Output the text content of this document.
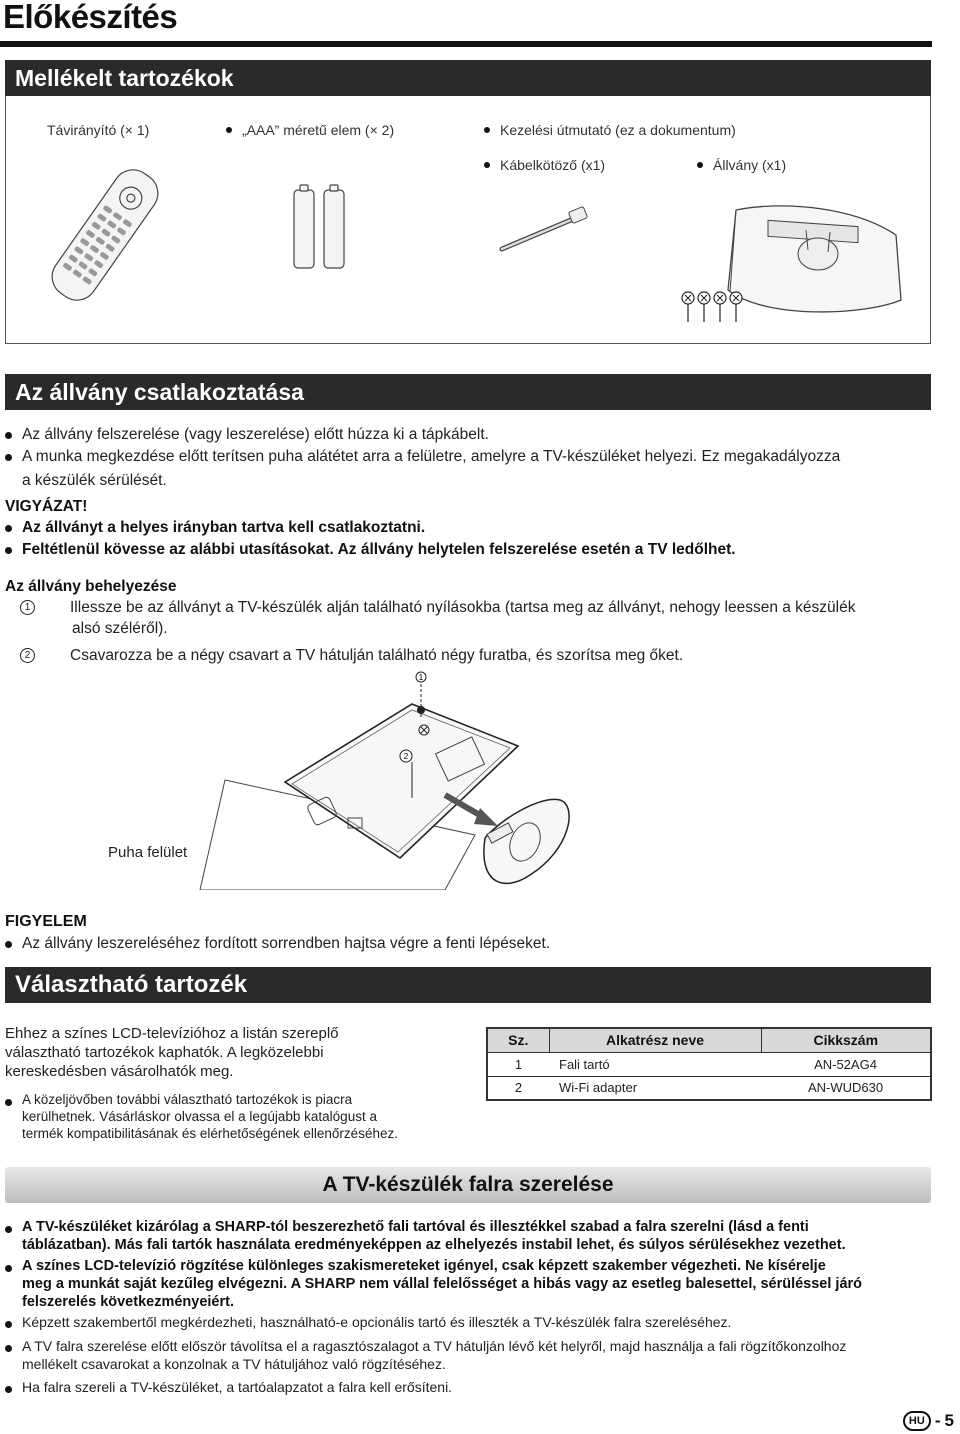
Előkészítés
Mellékelt tartozékok
Távirányító (× 1)	„AAA” méretű elem (× 2)	Kezelési útmutató (ez a dokumentum)
Kábelkötöző (x1)	Állvány (x1)
Az állvány csatlakoztatása
Az állvány felszerelése (vagy leszerelése) előtt húzza ki a tápkábelt.
A munka megkezdése előtt terítsen puha alátétet arra a felületre, amelyre a TV-készüléket helyezi. Ez megakadályozza
a készülék sérülését.
VIGYÁZAT!
Az állványt a helyes irányban tartva kell csatlakoztatni.
Feltétlenül kövesse az alábbi utasításokat. Az állvány helytelen felszerelése esetén a TV ledőlhet.
Az állvány behelyezése
1	Illessze be az állványt a TV-készülék alján található nyílásokba (tartsa meg az állványt, nehogy leessen a készülék
alsó széléről).
2	Csavarozza be a négy csavart a TV hátulján található négy furatba, és szorítsa meg őket.
1
2
Puha felület
FIGYELEM
Az állvány leszereléséhez fordított sorrendben hajtsa végre a fenti lépéseket.
Választható tartozék
Ehhez a színes LCD-televízióhoz a listán szereplő
választható tartozékok kaphatók. A legközelebbi
kereskedésben vásárolhatók meg.
A közeljövőben további választható tartozékok is piacra
kerülhetnek. Vásárláskor olvassa el a legújabb katalógust a
termék kompatibilitásának és elérhetőségének ellenőrzéséhez.
Sz.	Alkatrész neve	Cikkszám
1	Fali tartó	AN-52AG4
2	Wi-Fi adapter	AN-WUD630
A TV-készülék falra szerelése
A TV-készüléket kizárólag a SHARP-tól beszerezhető fali tartóval és illesztékkel szabad a falra szerelni (lásd a fenti
táblázatban). Más fali tartók használata eredményeképpen az elhelyezés instabil lehet, és súlyos sérülésekhez vezethet.
A színes LCD-televízió rögzítése különleges szakismereteket igényel, csak képzett szakember végezheti. Ne kísérelje
meg a munkát saját kezűleg elvégezni. A SHARP nem vállal felelősséget a hibás vagy az esetleg balesettel, sérüléssel járó
felszerelés következményeiért.
Képzett szakembertől megkérdezheti, használható-e opcionális tartó és illeszték a TV-készülék falra szereléséhez.
A TV falra szerelése előtt először távolítsa el a ragasztószalagot a TV hátulján lévő két helyről, majd használja a fali rögzítőkonzolhoz
mellékelt csavarokat a konzolnak a TV hátuljához való rögzítéséhez.
Ha falra szereli a TV-készüléket, a tartóalapzatot a falra kell erősíteni.
HU - 5
